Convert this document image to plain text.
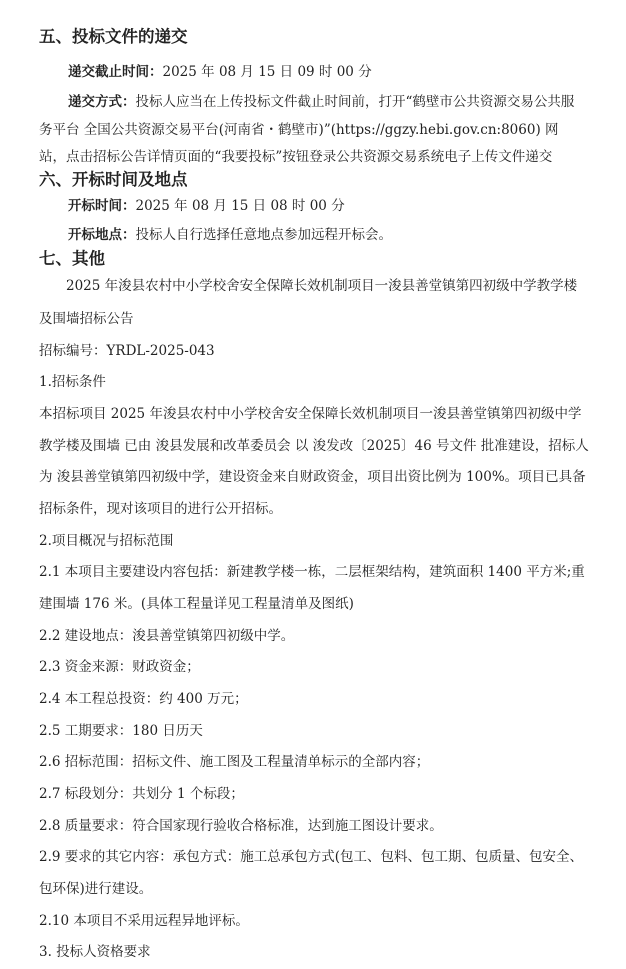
五、投标文件的递交
递交截止时间：2025 年 08 月 15 日 09 时 00 分
递交方式：投标人应当在上传投标文件截止时间前，打开“鹤壁市公共资源交易公共服
务平台 全国公共资源交易平台(河南省・鹤壁市)”(https://ggzy.hebi.gov.cn:8060) 网
站，点击招标公告详情页面的“我要投标”按钮登录公共资源交易系统电子上传文件递交
六、开标时间及地点
开标时间：2025 年 08 月 15 日 08 时 00 分
开标地点：投标人自行选择任意地点参加远程开标会。
七、其他
2025 年浚县农村中小学校舍安全保障长效机制项目一浚县善堂镇第四初级中学教学楼
及围墙招标公告
招标编号：YRDL-2025-043
1.招标条件
本招标项目 2025 年浚县农村中小学校舍安全保障长效机制项目一浚县善堂镇第四初级中学
教学楼及围墙 已由 浚县发展和改革委员会 以 浚发改〔2025〕46 号文件 批准建设，招标人
为 浚县善堂镇第四初级中学，建设资金来自财政资金，项目出资比例为 100%。项目已具备
招标条件，现对该项目的进行公开招标。
2.项目概况与招标范围
2.1 本项目主要建设内容包括：新建教学楼一栋，二层框架结构，建筑面积 1400 平方米;重
建围墙 176 米。(具体工程量详见工程量清单及图纸)
2.2 建设地点：浚县善堂镇第四初级中学。
2.3 资金来源：财政资金；
2.4 本工程总投资：约 400 万元；
2.5 工期要求：180 日历天
2.6 招标范围：招标文件、施工图及工程量清单标示的全部内容；
2.7 标段划分：共划分 1 个标段；
2.8 质量要求：符合国家现行验收合格标准，达到施工图设计要求。
2.9 要求的其它内容：承包方式：施工总承包方式(包工、包料、包工期、包质量、包安全、
包环保)进行建设。
2.10 本项目不采用远程异地评标。
3. 投标人资格要求
